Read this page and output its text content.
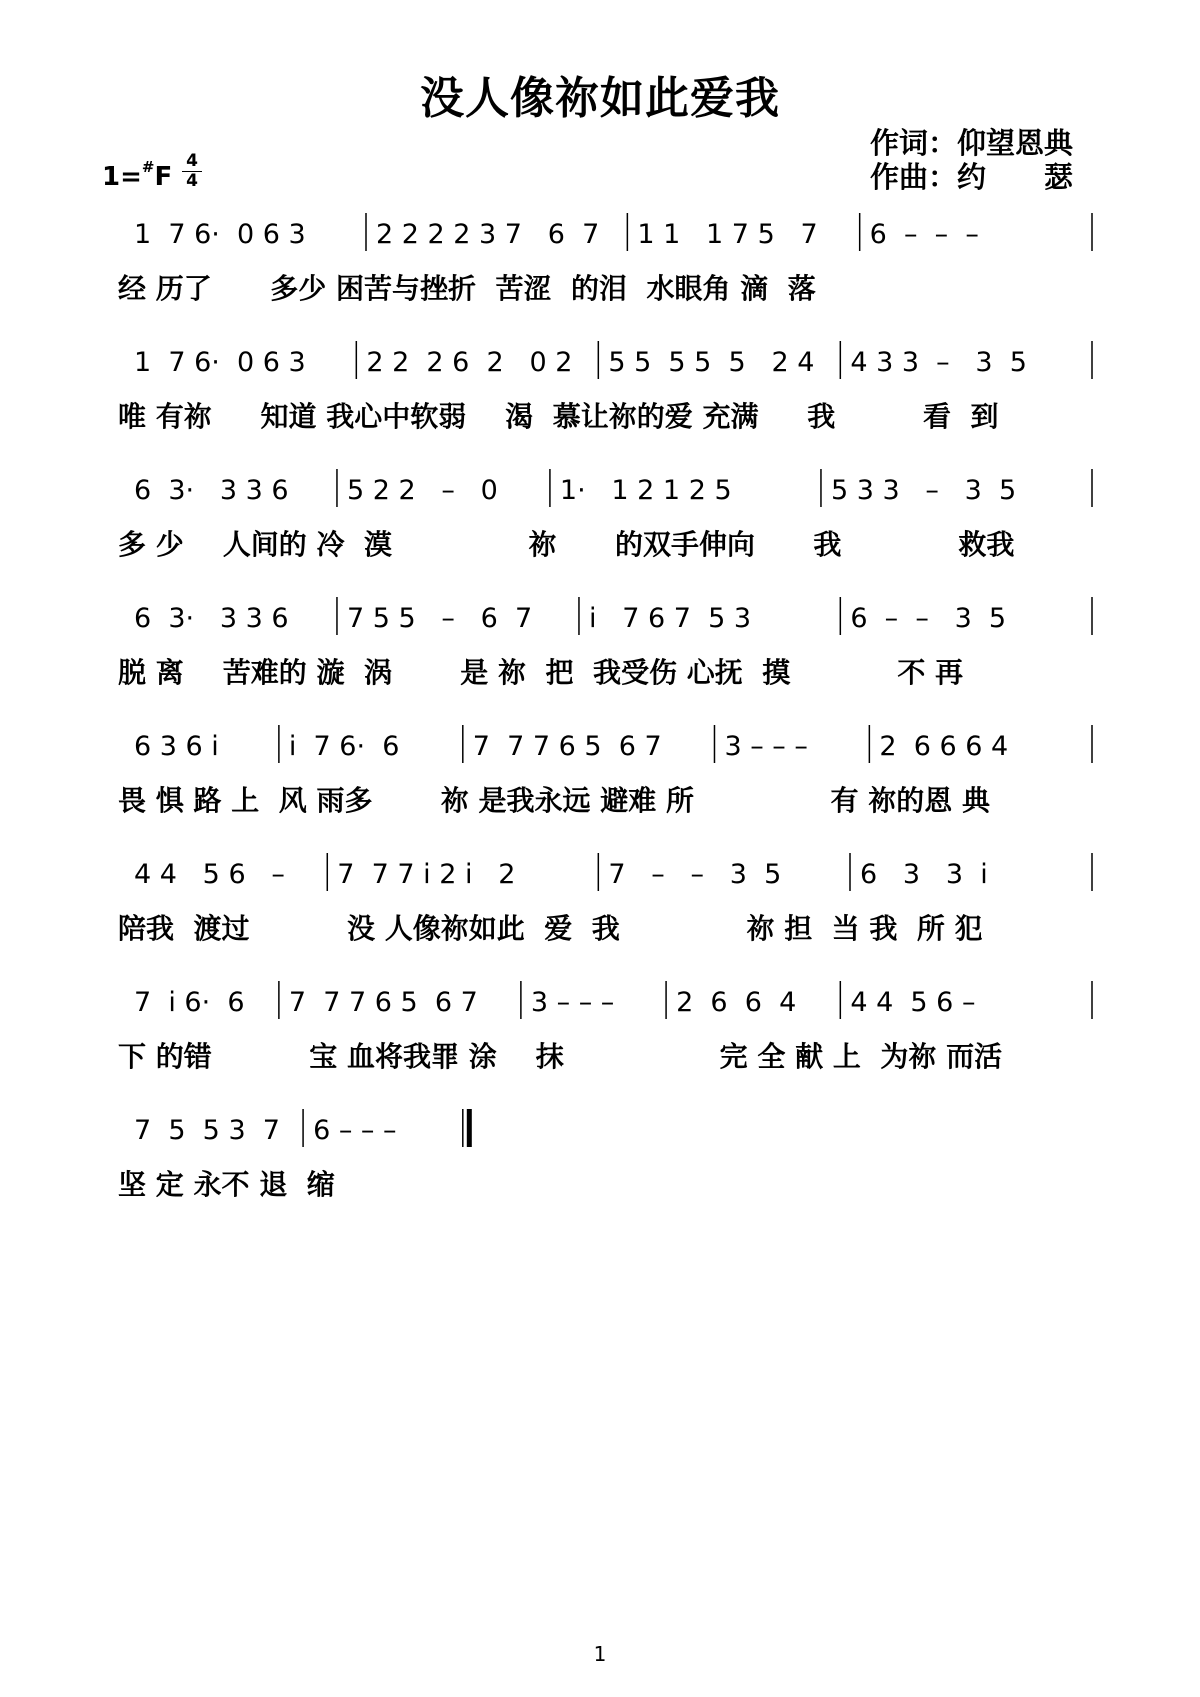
没人像祢如此爱我
作词：仰望恩典
作曲：约　　瑟
1=#F
4
4
1  7 6·  0 6 3	2 2 2 2 3 7   6  7 1 1   1 7 5   7 6  –  –  –
1  7 6·  0 6 3 2 2  2 6  2   0 2 5 5  5 5  5   2 4 4 3 3  –   3  5
6  3·   3 3 6 5 2 2   –   0 1·   1 2 1 2 5	5 3 3   –   3  5
6  3·   3 3 6 7 5 5   –   6  7 i   7 6 7  5 3	6  –  –   3  5
6 3 6 i	i  7 6·  6	7  7 7 6 5  6 7 3 – – –	2  6 6 6 4
4 4   5 6   – 7  7 7 i 2 i   2	7   –   –   3  5	6   3   3  i
7  i 6·  6 7  7 7 6 5  6 7 3 – – – 2  6  6  4 4 4  5 6 –
7  5  5 3  7 6 – – –
经 历了      多少 困苦与挫折  苦涩  的泪  水眼角 滴  落
唯 有祢     知道 我心中软弱    渴  慕让祢的爱 充满     我         看  到
多 少    人间的 冷  漠              祢      的双手伸向      我            救我
脱 离    苦难的 漩  涡       是 祢  把  我受伤 心抚  摸           不 再
畏 惧 路 上  风 雨多       祢 是我永远 避难 所              有 祢的恩 典
陪我  渡过          没 人像祢如此  爱  我             祢 担  当 我  所 犯
下 的错          宝 血将我罪 涂    抹                完 全 献 上  为祢 而活
坚 定 永不 退  缩
1
